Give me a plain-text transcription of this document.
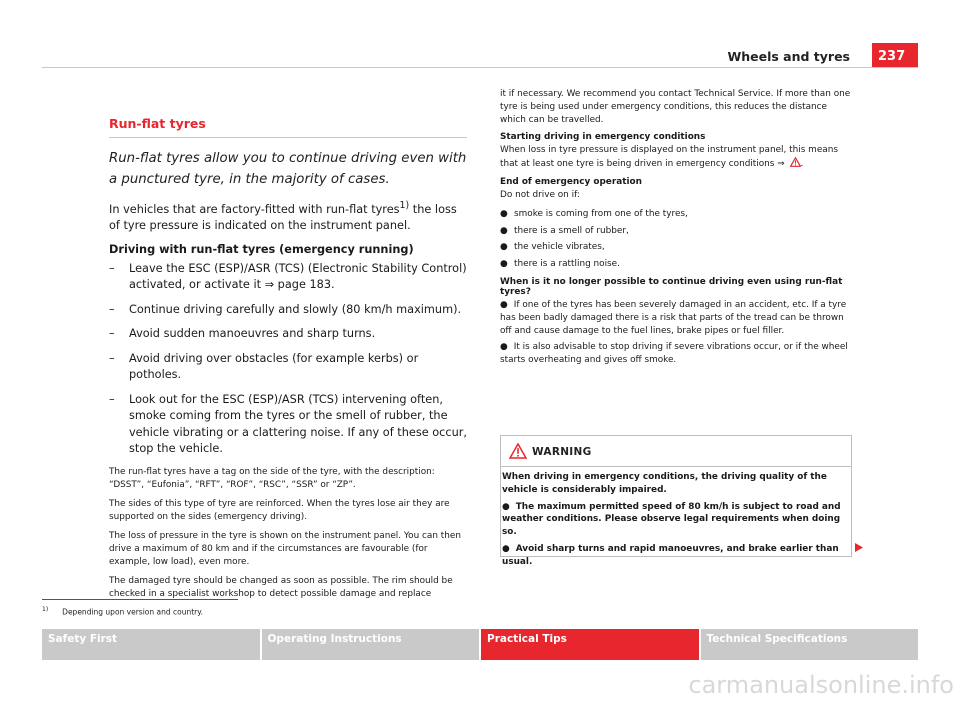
237
Wheels and tyres
Run-flat tyres

Run-flat tyres allow you to continue driving even with a punctured tyre, in the majority of cases.

In vehicles that are factory-fitted with run-flat tyres$^{1)}$ the loss of tyre pressure is indicated on the instrument panel.

Driving with run-flat tyres (emergency running)

– Leave the ESC (ESP)/ASR (TCS) (Electronic Stability Control) activated, or activate it ⇒ page 183.
– Continue driving carefully and slowly (80 km/h maximum).
– Avoid sudden manoeuvres and sharp turns.
– Avoid driving over obstacles (for example kerbs) or potholes.
– Look out for the ESC (ESP)/ASR (TCS) intervening often, smoke coming from the tyres or the smell of rubber, the vehicle vibrating or a clattering noise. If any of these occur, stop the vehicle.

The run-flat tyres have a tag on the side of the tyre, with the description: “DSST”, “Eufonia”, “RFT”, “ROF”, “RSC”, “SSR” or “ZP”.

The sides of this type of tyre are reinforced. When the tyres lose air they are supported on the sides (emergency driving).

The loss of pressure in the tyre is shown on the instrument panel. You can then drive a maximum of 80 km and if the circumstances are favourable (for example, low load), even more.

The damaged tyre should be changed as soon as possible. The rim should be checked in a specialist workshop to detect possible damage and replace

it if necessary. We recommend you contact Technical Service. If more than one tyre is being used under emergency conditions, this reduces the distance which can be travelled.

Starting driving in emergency conditions

When loss in tyre pressure is displayed on the instrument panel, this means that at least one tyre is being driven in emergency conditions ⇒ .

End of emergency operation

Do not drive on if:

● smoke is coming from one of the tyres,
● there is a smell of rubber,
● the vehicle vibrates,
● there is a rattling noise.

When is it no longer possible to continue driving even using run-flat tyres?

● If one of the tyres has been severely damaged in an accident, etc. If a tyre has been badly damaged there is a risk that parts of the tread can be thrown off and cause damage to the fuel lines, brake pipes or fuel filler.
● It is also advisable to stop driving if severe vibrations occur, or if the wheel starts overheating and gives off smoke.
WARNING

When driving in emergency conditions, the driving quality of the vehicle is considerably impaired.

● The maximum permitted speed of 80 km/h is subject to road and weather conditions. Please observe legal requirements when doing so.

● Avoid sharp turns and rapid manoeuvres, and brake earlier than usual.

$^{1)}$ Depending upon version and country.
Safety First	Operating Instructions	Practical Tips	Technical Specifications
carmanualsonline.info
